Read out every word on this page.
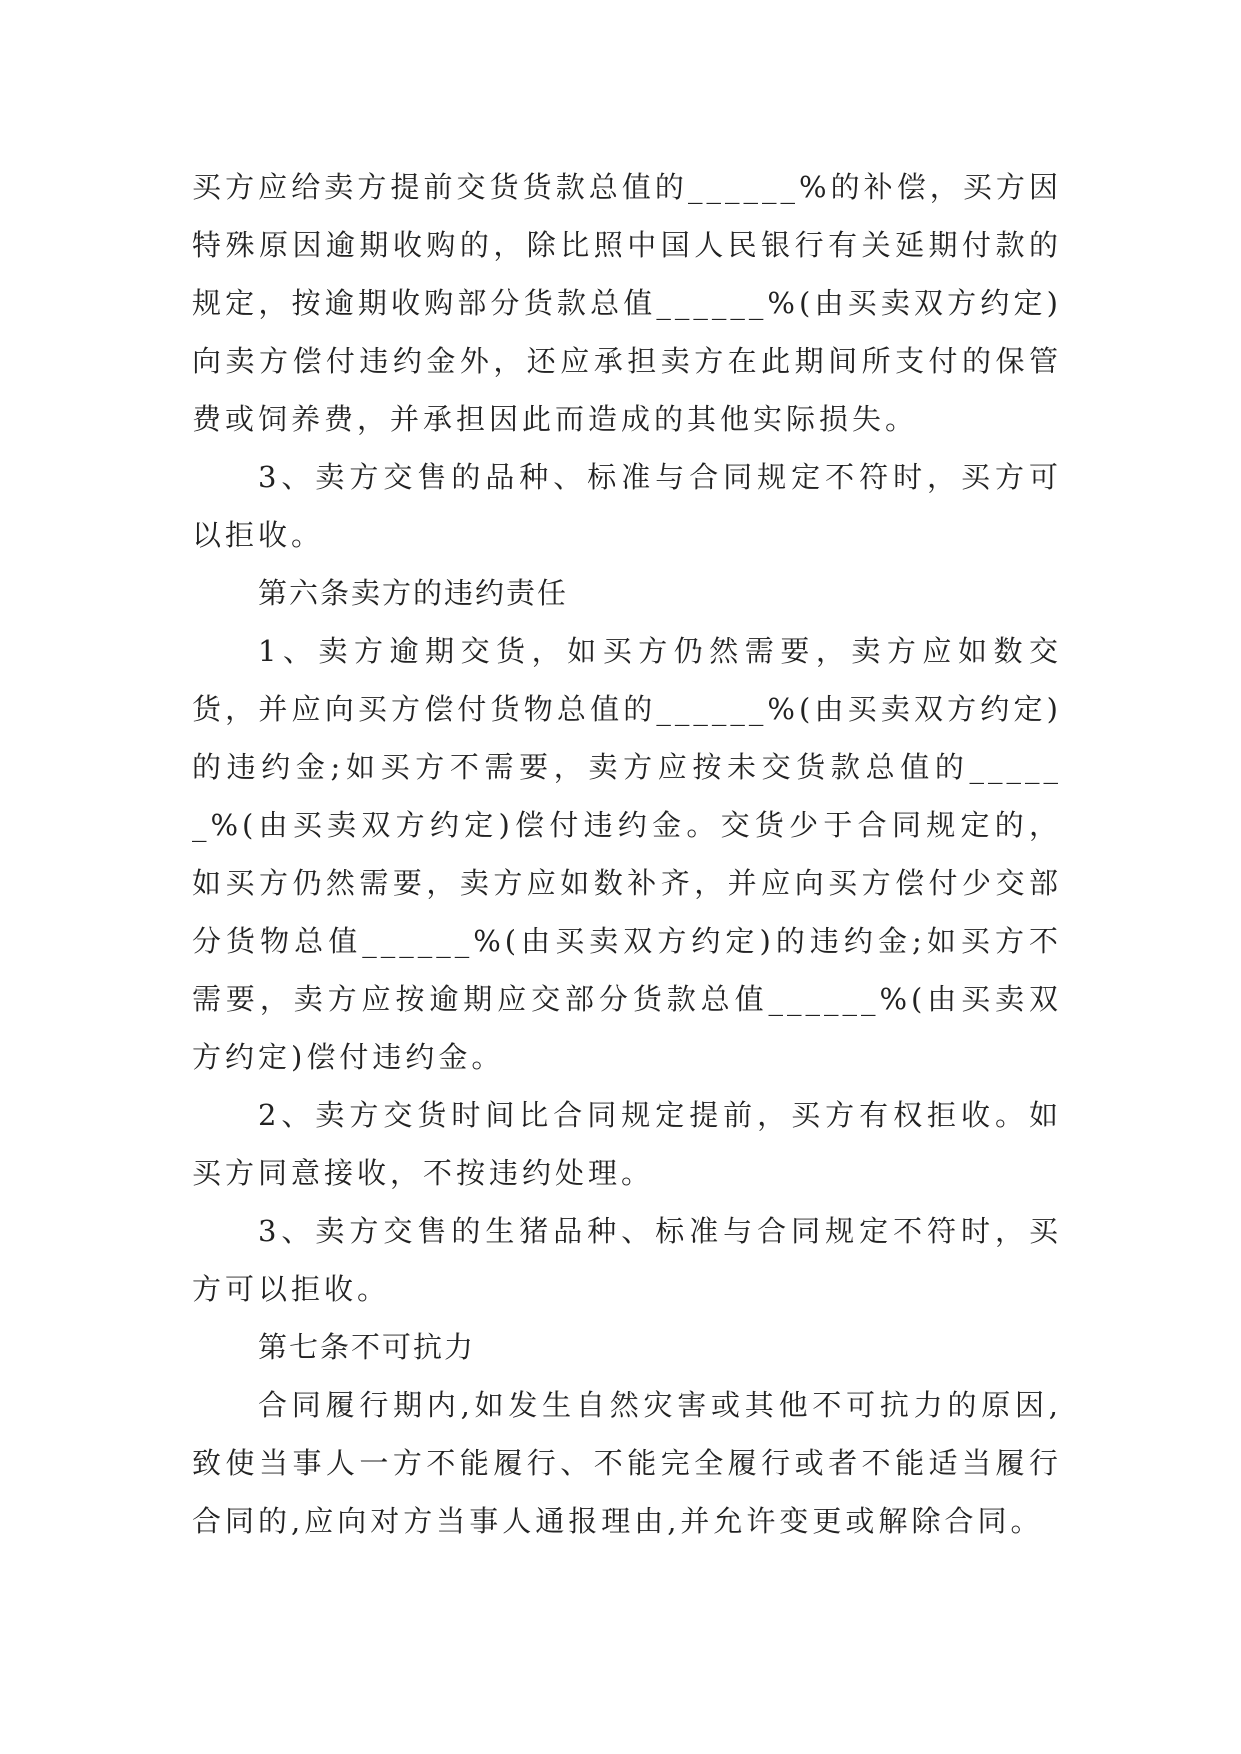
买方应给卖方提前交货货款总值的______%的补偿，买方因特殊原因逾期收购的，除比照中国人民银行有关延期付款的规定，按逾期收购部分货款总值______%(由买卖双方约定)向卖方偿付违约金外，还应承担卖方在此期间所支付的保管费或饲养费，并承担因此而造成的其他实际损失。

3、卖方交售的品种、标准与合同规定不符时，买方可以拒收。

第六条卖方的违约责任

1、卖方逾期交货，如买方仍然需要，卖方应如数交货，并应向买方偿付货物总值的______%(由买卖双方约定)的违约金;如买方不需要，卖方应按未交货款总值的______%(由买卖双方约定)偿付违约金。交货少于合同规定的，如买方仍然需要，卖方应如数补齐，并应向买方偿付少交部分货物总值______%(由买卖双方约定)的违约金;如买方不需要，卖方应按逾期应交部分货款总值______%(由买卖双方约定)偿付违约金。

2、卖方交货时间比合同规定提前，买方有权拒收。如买方同意接收，不按违约处理。

3、卖方交售的生猪品种、标准与合同规定不符时，买方可以拒收。

第七条不可抗力

合同履行期内,如发生自然灾害或其他不可抗力的原因,致使当事人一方不能履行、不能完全履行或者不能适当履行合同的,应向对方当事人通报理由,并允许变更或解除合同。
